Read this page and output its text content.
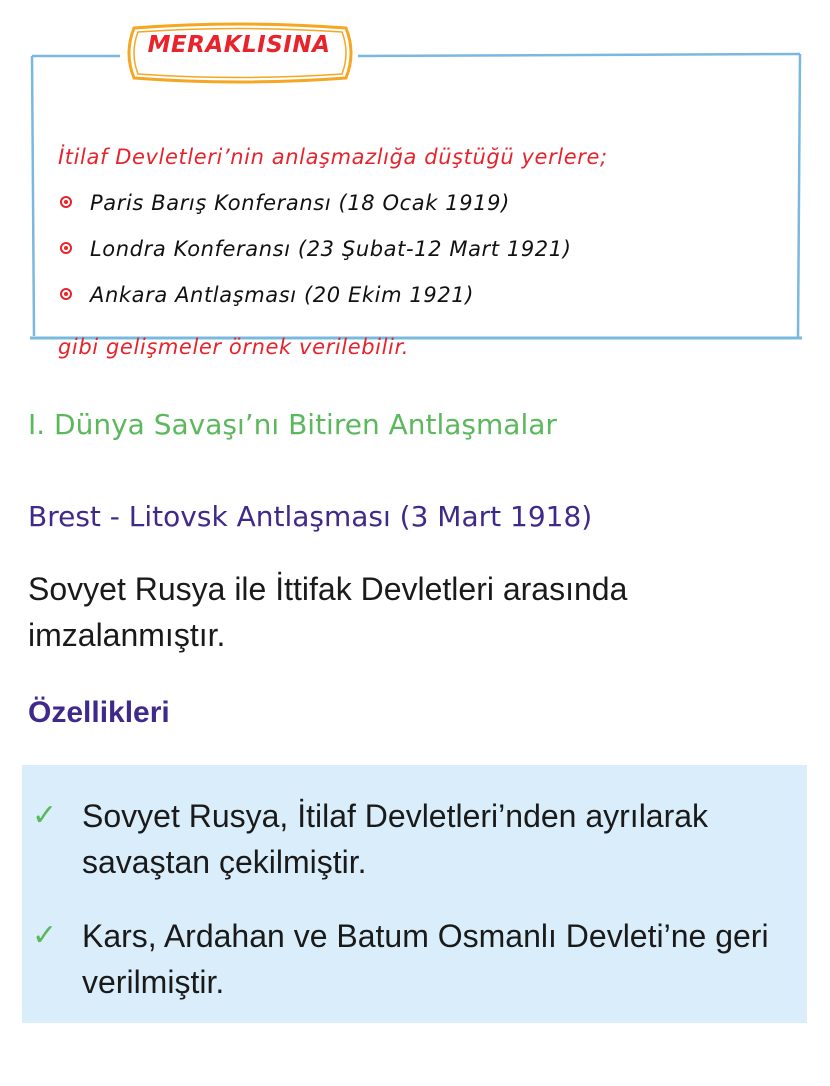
MERAKLISINA
İtilaf Devletleri’nin anlaşmazlığa düştüğü yerlere;
Paris Barış Konferansı (18 Ocak 1919)
Londra Konferansı (23 Şubat-12 Mart 1921)
Ankara Antlaşması (20 Ekim 1921)
gibi gelişmeler örnek verilebilir.
I. Dünya Savaşı’nı Bitiren Antlaşmalar
Brest - Litovsk Antlaşması (3 Mart 1918)
Sovyet Rusya ile İttifak Devletleri arasında imzalanmıştır.
Özellikleri
✓ Sovyet Rusya, İtilaf Devletleri’nden ayrılarak savaştan çekilmiştir.
✓ Kars, Ardahan ve Batum Osmanlı Devleti’ne geri verilmiştir.
